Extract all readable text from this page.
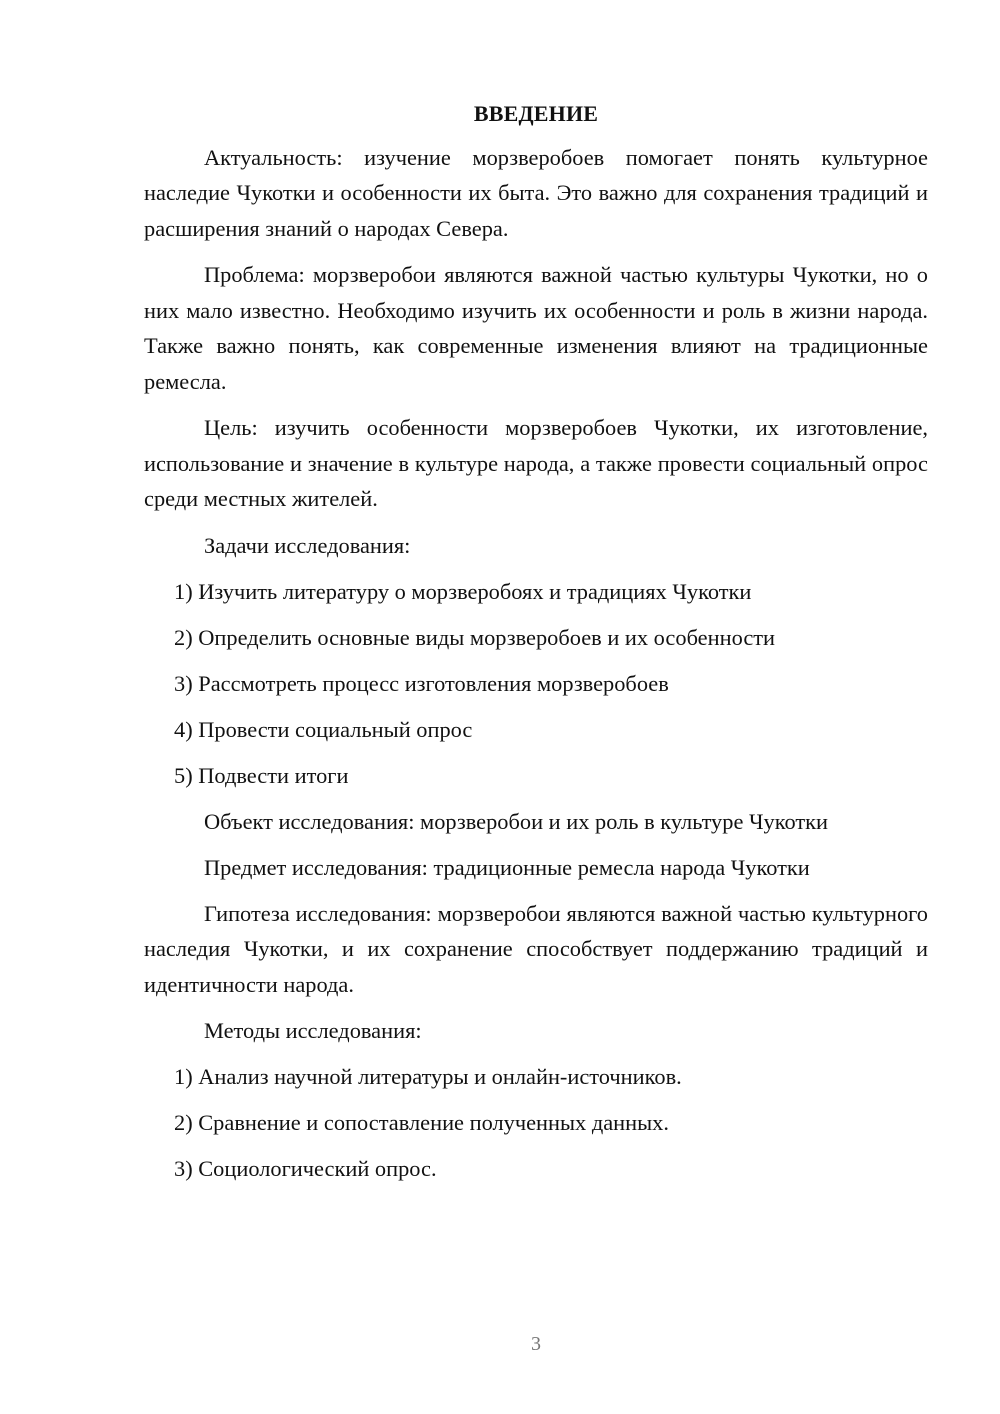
ВВЕДЕНИЕ

Актуальность: изучение морзверобоев помогает понять культурное наследие Чукотки и особенности их быта. Это важно для сохранения традиций и расширения знаний о народах Севера.

Проблема: морзверобои являются важной частью культуры Чукотки, но о них мало известно. Необходимо изучить их особенности и роль в жизни народа. Также важно понять, как современные изменения влияют на традиционные ремесла.

Цель: изучить особенности морзверобоев Чукотки, их изготовление, использование и значение в культуре народа, а также провести социальный опрос среди местных жителей.

Задачи исследования:
1) Изучить литературу о морзверобоях и традициях Чукотки
2) Определить основные виды морзверобоев и их особенности
3) Рассмотреть процесс изготовления морзверобоев
4) Провести социальный опрос
5) Подвести итоги
Объект исследования: морзверобои и их роль в культуре Чукотки
Предмет исследования: традиционные ремесла народа Чукотки

Гипотеза исследования: морзверобои являются важной частью культурного наследия Чукотки, и их сохранение способствует поддержанию традиций и идентичности народа.

Методы исследования:
1) Анализ научной литературы и онлайн-источников.
2) Сравнение и сопоставление полученных данных.
3) Социологический опрос.
3
